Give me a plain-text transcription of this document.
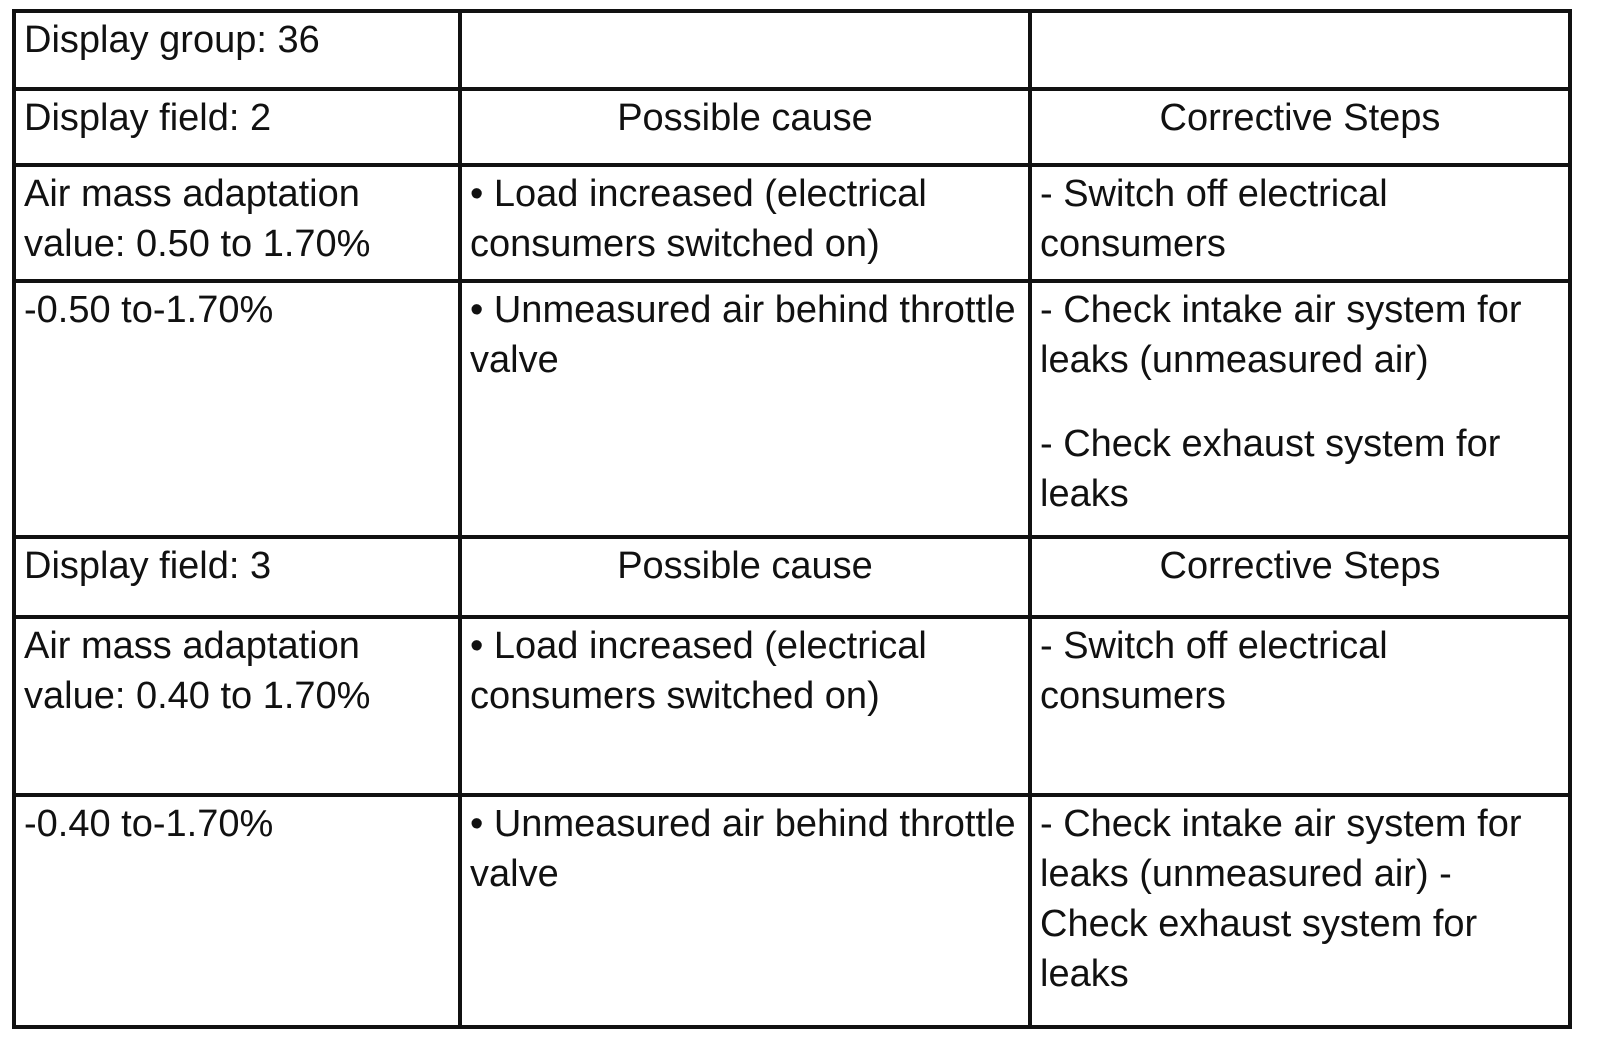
Display group: 36		
Display field: 2	Possible cause	Corrective Steps
Air mass adaptation value: 0.50 to 1.70%	• Load increased (electrical consumers switched on)	- Switch off electrical consumers
-0.50 to-1.70%	• Unmeasured air behind throttle valve	- Check intake air system for leaks (unmeasured air)
- Check exhaust system for leaks

Display field: 3	Possible cause	Corrective Steps
Air mass adaptation value: 0.40 to 1.70%	• Load increased (electrical consumers switched on)	- Switch off electrical consumers
-0.40 to-1.70%	• Unmeasured air behind throttle valve	- Check intake air system for leaks (unmeasured air) - Check exhaust system for leaks
